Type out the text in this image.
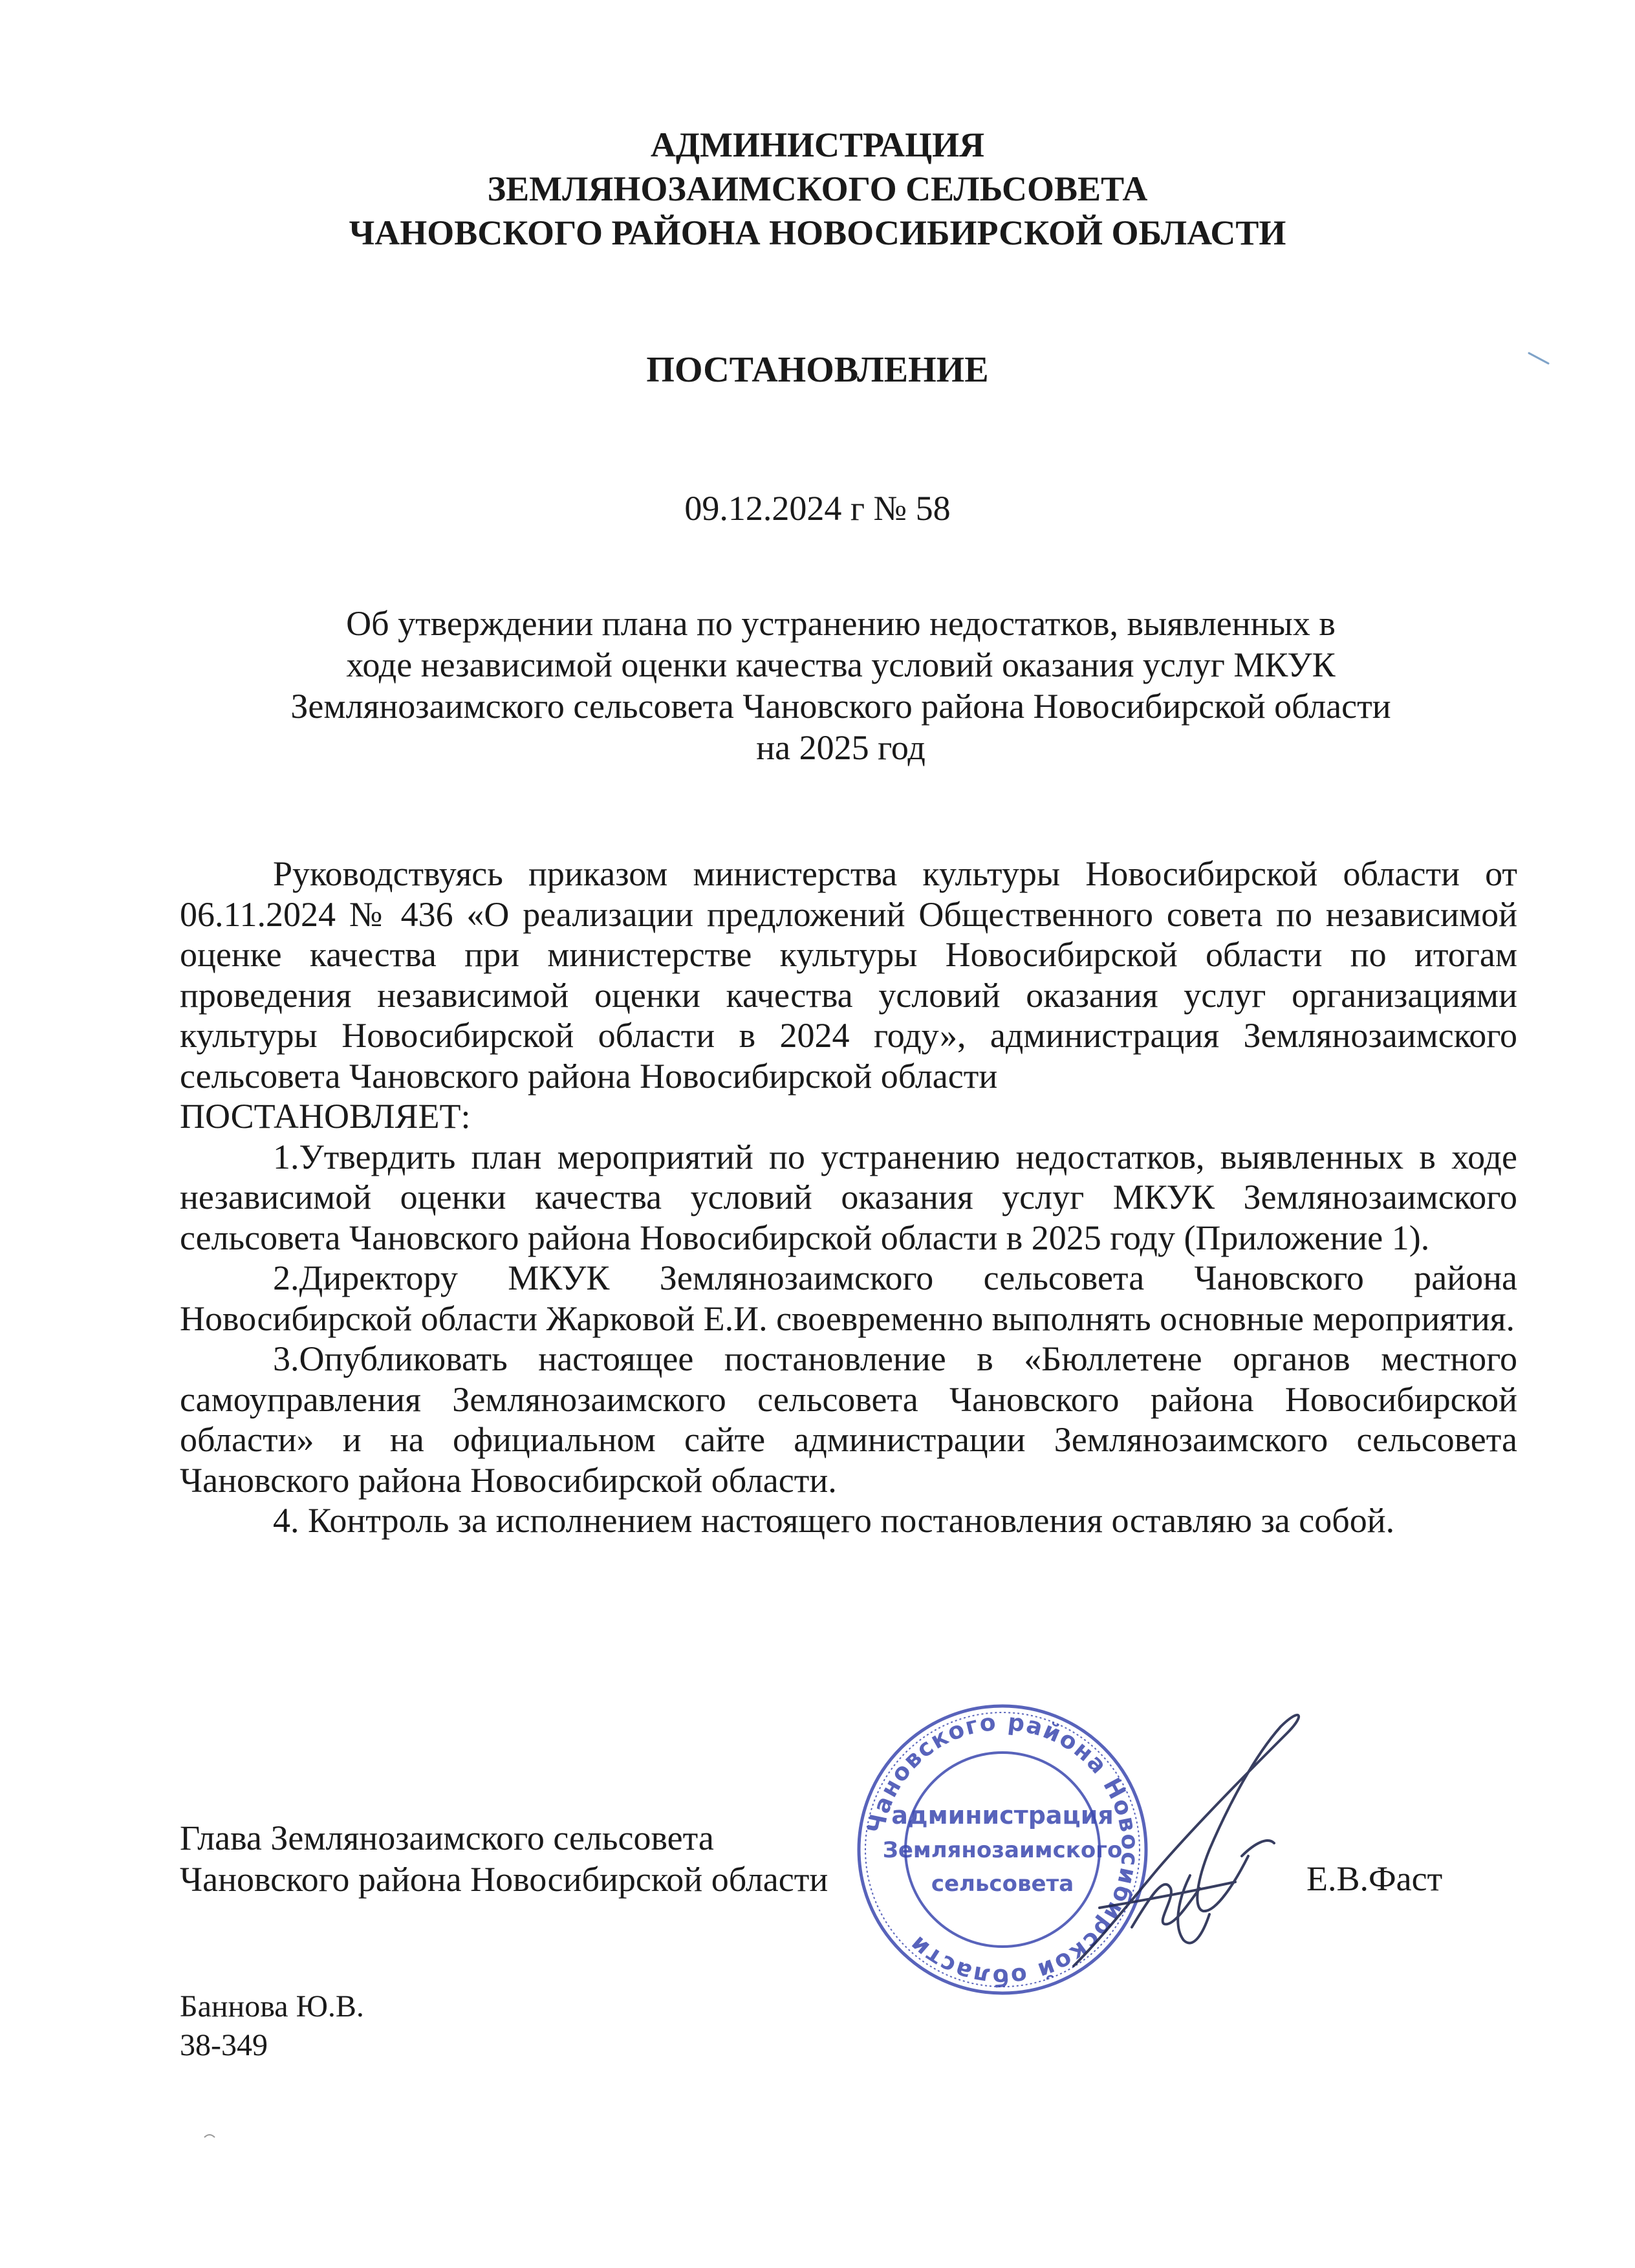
АДМИНИСТРАЦИЯ
ЗЕМЛЯНОЗАИМСКОГО СЕЛЬСОВЕТА
ЧАНОВСКОГО РАЙОНА НОВОСИБИРСКОЙ ОБЛАСТИ
ПОСТАНОВЛЕНИЕ
09.12.2024 г № 58
Об утверждении плана по устранению недостатков, выявленных в
ходе независимой оценки качества условий оказания услуг МКУК
Землянозаимского сельсовета Чановского района Новосибирской области
на 2025 год

Руководствуясь приказом министерства культуры Новосибирской области от 06.11.2024 № 436 «О реализации предложений Общественного совета по независимой оценке качества при министерстве культуры Новосибирской области по итогам проведения независимой оценки качества условий оказания услуг организациями культуры Новосибирской области в 2024 году», администрация Землянозаимского сельсовета Чановского района Новосибирской области

ПОСТАНОВЛЯЕТ:

1.Утвердить план мероприятий по устранению недостатков, выявленных в ходе независимой оценки качества условий оказания услуг МКУК Землянозаимского сельсовета Чановского района Новосибирской области в 2025 году (Приложение 1).

2.Директору МКУК Землянозаимского сельсовета Чановского района Новосибирской области Жарковой Е.И. своевременно выполнять основные мероприятия.

3.Опубликовать настоящее постановление в «Бюллетене органов местного самоуправления Землянозаимского сельсовета Чановского района Новосибирской области» и на официальном сайте администрации Землянозаимского сельсовета Чановского района Новосибирской области.

4. Контроль за исполнением настоящего постановления оставляю за собой.

Глава Землянозаимского сельсовета
Чановского района Новосибирской области	Е.В.Фаст
Чановского района Новосибирской области
администрация
Землянозаимского
сельсовета
Баннова Ю.В.
38-349
